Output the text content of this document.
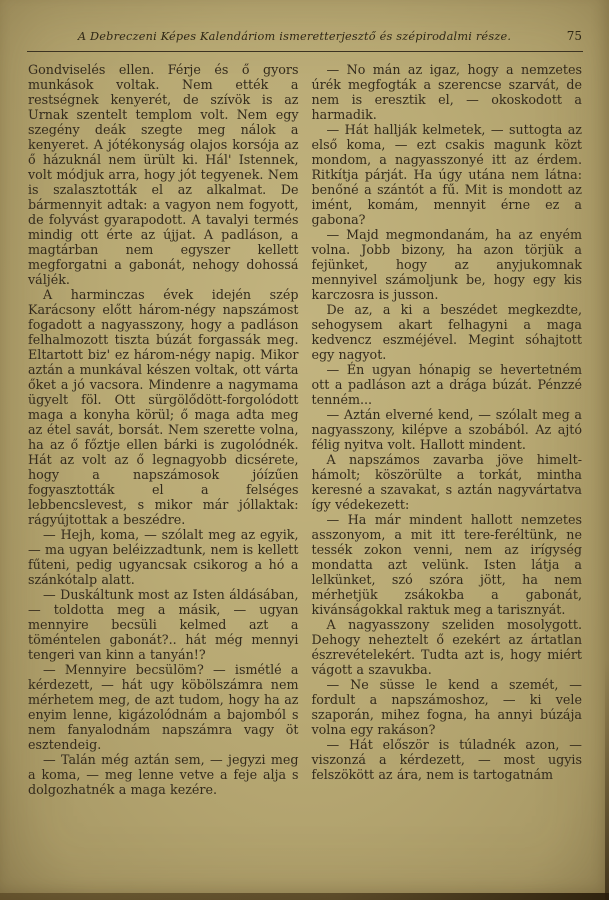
A Debreczeni Képes Kalendáriom ismeretterjesztő és szépirodalmi része.	75

Gondviselés ellen. Férje és ő gyors munkások voltak. Nem ették a restségnek kenyerét, de szívök is az Urnak szentelt templom volt. Nem egy szegény deák szegte meg nálok a kenyeret. A jótékonyság olajos korsója az ő házuknál nem ürült ki. Hál' Istennek, volt módjuk arra, hogy jót tegyenek. Nem is szalasztották el az alkalmat. De bármennyit adtak: a vagyon nem fogyott, de folyvást gyarapodott. A tavalyi termés mindig ott érte az újjat. A padláson, a magtárban nem egyszer kellett megforgatni a gabonát, nehogy dohossá váljék.

A harminczas évek idején szép Karácsony előtt három-négy napszámost fogadott a nagyasszony, hogy a padláson felhalmozott tiszta búzát forgassák meg. Eltartott biz' ez három-négy napig. Mikor aztán a munkával készen voltak, ott várta őket a jó vacsora. Mindenre a nagymama ügyelt föl. Ott sürgölődött-forgolódott maga a konyha körül; ő maga adta meg az étel savát, borsát. Nem szerette volna, ha az ő főztje ellen bárki is zugolódnék. Hát az volt az ő legnagyobb dicsérete, hogy a napszámosok jóízűen fogyasztották el a felséges lebbencslevest, s mikor már jóllaktak: rágyújtottak a beszédre.

— Hejh, koma, — szólalt meg az egyik, — ma ugyan beléizzadtunk, nem is kellett fűteni, pedig ugyancsak csikorog a hó a szánkótalp alatt.

— Duskáltunk most az Isten áldásában, — toldotta meg a másik, — ugyan mennyire becsüli kelmed azt a töméntelen gabonát?.. hát még mennyi tengeri van kinn a tanyán!?

— Mennyire becsülöm? — ismétlé a kérdezett, — hát ugy köbölszámra nem mérhetem meg, de azt tudom, hogy ha az enyim lenne, kigázolódnám a bajomból s nem fanyalodnám napszámra vagy öt esztendeig.

— Talán még aztán sem, — jegyzi meg a koma, — meg lenne vetve a feje alja s dolgozhatnék a maga kezére.

— No mán az igaz, hogy a nemzetes úrék megfogták a szerencse szarvát, de nem is eresztik el, — okoskodott a harmadik.

— Hát hallják kelmetek, — suttogta az első koma, — ezt csakis magunk közt mondom, a nagyasszonyé itt az érdem. Ritkítja párját. Ha úgy utána nem látna: benőné a szántót a fű. Mit is mondott az imént, komám, mennyit érne ez a gabona?

— Majd megmondanám, ha az enyém volna. Jobb bizony, ha azon törjük a fejünket, hogy az anyjukomnak mennyivel számoljunk be, hogy egy kis karczosra is jusson.

De az, a ki a beszédet megkezdte, sehogysem akart felhagyni a maga kedvencz eszméjével. Megint sóhajtott egy nagyot.

— Én ugyan hónapig se hevertetném ott a padláson azt a drága búzát. Pénzzé tenném...

— Aztán elverné kend, — szólalt meg a nagyasszony, kilépve a szobából. Az ajtó félig nyitva volt. Hallott mindent.

A napszámos zavarba jöve himelt-hámolt; köszörülte a torkát, mintha keresné a szavakat, s aztán nagyvártatva így védekezett:

— Ha már mindent hallott nemzetes asszonyom, a mit itt tere-feréltünk, ne tessék zokon venni, nem az irígység mondatta azt velünk. Isten látja a lelkünket, szó szóra jött, ha nem mérhetjük zsákokba a gabonát, kivánságokkal raktuk meg a tarisznyát.

A nagyasszony szeliden mosolygott. Dehogy neheztelt ő ezekért az ártatlan észrevételekért. Tudta azt is, hogy miért vágott a szavukba.

— Ne süsse le kend a szemét, — fordult a napszámoshoz, — ki vele szaporán, mihez fogna, ha annyi búzája volna egy rakáson?

— Hát először is túladnék azon, — viszonzá a kérdezett, — most ugyis felszökött az ára, nem is tartogatnám
